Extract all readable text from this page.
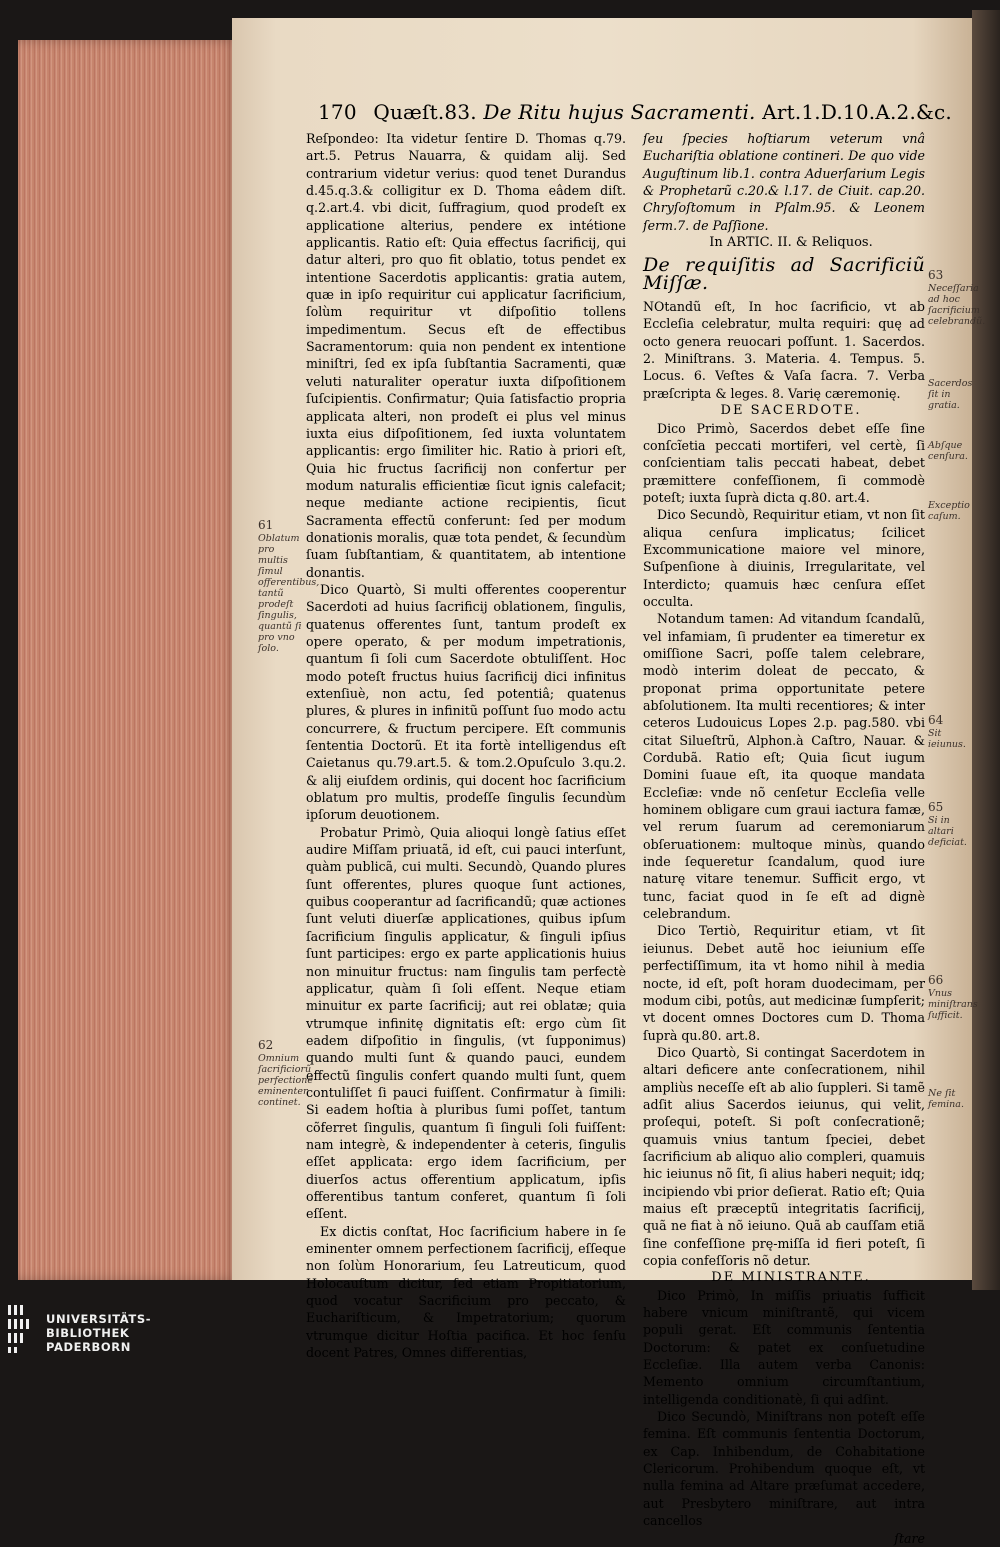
170 Quæſt.83. De Ritu hujus Sacramenti. Art.1.D.10.A.2.&c.

Reſpondeo: Ita videtur ſentire D. Thomas q.79. art.5. Petrus Nauarra, & quidam alij. Sed contrarium videtur verius: quod tenet Durandus d.45.q.3.& colligitur ex D. Thoma eâdem diſt. q.2.art.4. vbi dicit, ſuffragium, quod prodeſt ex applicatione alterius, pendere ex intétione applicantis. Ratio eſt: Quia effectus ſacrificij, qui datur alteri, pro quo fit oblatio, totus pendet ex intentione Sacerdotis applicantis: gratia autem, quæ in ipſo requiritur cui applicatur ſacrificium, ſolùm requiritur vt diſpoſitio tollens impedimentum. Secus eſt de effectibus Sacramentorum: quia non pendent ex intentione miniſtri, ſed ex ipſa ſubſtantia Sacramenti, quæ veluti naturaliter operatur iuxta diſpoſitionem ſuſcipientis. Confirmatur; Quia ſatisfactio propria applicata alteri, non prodeſt ei plus vel minus iuxta eius diſpoſitionem, ſed iuxta voluntatem applicantis: ergo ſimiliter hic. Ratio à priori eſt, Quia hic fructus ſacrificij non confertur per modum naturalis efficientiæ ſicut ignis calefacit; neque mediante actione recipientis, ſicut Sacramenta effectũ conferunt: ſed per modum donationis moralis, quæ tota pendet, & ſecundùm ſuam ſubſtantiam, & quantitatem, ab intentione donantis.

Dico Quartò, Si multi offerentes cooperentur Sacerdoti ad huius ſacrificij oblationem, ſingulis, quatenus offerentes ſunt, tantum prodeſt ex opere operato, & per modum impetrationis, quantum ſi ſoli cum Sacerdote obtuliſſent. Hoc modo poteſt fructus huius ſacrificij dici infinitus extenſiuè, non actu, ſed potentiâ; quatenus plures, & plures in infinitũ poſſunt ſuo modo actu concurrere, & fructum percipere. Eſt communis ſententia Doctorũ. Et ita fortè intelligendus eſt Caietanus qu.79.art.5. & tom.2.Opuſculo 3.qu.2. & alij eiuſdem ordinis, qui docent hoc ſacrificium oblatum pro multis, prodeſſe ſingulis ſecundùm ipſorum deuotionem.

Probatur Primò, Quia alioqui longè ſatius eſſet audire Miſſam priuatã, id eſt, cui pauci interſunt, quàm publicã, cui multi. Secundò, Quando plures ſunt offerentes, plures quoque ſunt actiones, quibus cooperantur ad ſacrificandũ; quæ actiones ſunt veluti diuerſæ applicationes, quibus ipſum ſacrificium ſingulis applicatur, & ſinguli ipſius ſunt participes: ergo ex parte applicationis huius non minuitur fructus: nam ſingulis tam perfectè applicatur, quàm ſi ſoli eſſent. Neque etiam minuitur ex parte ſacrificij; aut rei oblatæ; quia vtrumque infinitę dignitatis eſt: ergo cùm ſit eadem diſpoſitio in ſingulis, (vt ſupponimus) quando multi ſunt & quando pauci, eundem effectũ ſingulis confert quando multi ſunt, quem contuliſſet ſi pauci fuiſſent. Confirmatur à ſimili: Si eadem hoſtia à pluribus ſumi poſſet, tantum cõferret ſingulis, quantum ſi ſinguli ſoli fuiſſent: nam integrè, & independenter à ceteris, ſingulis eſſet applicata: ergo idem ſacrificium, per diuerſos actus offerentium applicatum, ipſis offerentibus tantum conferet, quantum ſi ſoli eſſent.

Ex dictis conſtat, Hoc ſacrificium habere in ſe eminenter omnem perfectionem ſacrificij, eſſeque non ſolùm Honorarium, ſeu Latreuticum, quod Holocauſtum dicitur, ſed etiam Propitiatorium, quod vocatur Sacrificium pro peccato, & Euchariſticum, & Impetratorium; quorum vtrumque dicitur Hoſtia pacifica. Et hoc ſenſu docent Patres, Omnes differentias,

61
Oblatum pro multis ſimul offerentibus, tantũ prodeſt ſingulis, quantũ ſi pro vno ſolo.
62
Omnium ſacrificiorũ perfectionẽ eminenter continet.

ſeu ſpecies hoſtiarum veterum vnâ Euchariſtia oblatione contineri. De quo vide Auguſtinum lib.1. contra Aduerſarium Legis & Prophetarũ c.20.& l.17. de Ciuit. cap.20. Chryſoſtomum in Pſalm.95. & Leonem ſerm.7. de Paſſione.

In ARTIC. II. & Reliquos.

De requiſitis ad Sacrificiũ Miſſæ.

NOtandũ eſt, In hoc ſacrificio, vt ab Eccleſia celebratur, multa requiri: quę ad octo genera reuocari poſſunt. 1. Sacerdos. 2. Miniſtrans. 3. Materia. 4. Tempus. 5. Locus. 6. Veſtes & Vaſa ſacra. 7. Verba præſcripta & leges. 8. Varię cæremonię.

DE SACERDOTE.

Dico Primò, Sacerdos debet eſſe ſine conſcĩetia peccati mortiferi, vel certè, ſi conſcientiam talis peccati habeat, debet præmittere confeſſionem, ſi commodè poteſt; iuxta ſuprà dicta q.80. art.4.

Dico Secundò, Requiritur etiam, vt non ſit aliqua cenſura implicatus; ſcilicet Excommunicatione maiore vel minore, Suſpenſione à diuinis, Irregularitate, vel Interdicto; quamuis hæc cenſura eſſet occulta.

Notandum tamen: Ad vitandum ſcandalũ, vel infamiam, ſi prudenter ea timeretur ex omiſſione Sacri, poſſe talem celebrare, modò interim doleat de peccato, & proponat prima opportunitate petere abſolutionem. Ita multi recentiores; & inter ceteros Ludouicus Lopes 2.p. pag.580. vbi citat Silueſtrũ, Alphon.à Caſtro, Nauar. & Cordubã. Ratio eſt; Quia ſicut iugum Domini ſuaue eſt, ita quoque mandata Eccleſiæ: vnde nõ cenſetur Eccleſia velle hominem obligare cum graui iactura famæ, vel rerum ſuarum ad ceremoniarum obſeruationem: multoque minùs, quando inde ſequeretur ſcandalum, quod iure naturę vitare tenemur. Sufficit ergo, vt tunc, faciat quod in ſe eſt ad dignè celebrandum.

Dico Tertiò, Requiritur etiam, vt ſit ieiunus. Debet autẽ hoc ieiunium eſſe perfectiſſimum, ita vt homo nihil à media nocte, id eſt, poſt horam duodecimam, per modum cibi, potûs, aut medicinæ ſumpſerit; vt docent omnes Doctores cum D. Thoma ſuprà qu.80. art.8.

Dico Quartò, Si contingat Sacerdotem in altari deficere ante conſecrationem, nihil ampliùs neceſſe eſt ab alio ſuppleri. Si tamẽ adſit alius Sacerdos ieiunus, qui velit, proſequi, poteſt. Si poſt conſecrationẽ; quamuis vnius tantum ſpeciei, debet ſacrificium ab aliquo alio compleri, quamuis hic ieiunus nõ ſit, ſi alius haberi nequit; idq; incipiendo vbi prior deſierat. Ratio eſt; Quia maius eſt præceptũ integritatis ſacrificij, quã ne fiat à nõ ieiuno. Quã ab cauſſam etiã ſine confeſſione prę-miſſa id fieri poteſt, ſi copia confeſſoris nõ detur.

DE MINISTRANTE.

Dico Primò, In miſſis priuatis ſufficit habere vnicum miniſtrantẽ, qui vicem populi gerat. Eſt communis ſententia Doctorum: & patet ex conſuetudine Eccleſiæ. Illa autem verba Canonis: Memento omnium circumſtantium, intelligenda conditionatè, ſi qui adſint.

Dico Secundò, Miniſtrans non poteſt eſſe femina. Eſt communis ſententia Doctorum, ex Cap. Inhibendum, de Cohabitatione Clericorum. Prohibendum quoque eſt, vt nulla femina ad Altare præſumat accedere, aut Presbytero miniſtrare, aut intra cancellos

ſtare

63
Neceſſaria ad hoc ſacrificium celebrandũ.
Sacerdos ſit in gratia.
Abſque cenſura.
Exceptio caſum.
64
Sit ieiunus.
65
Si in altari deficiat.
66
Vnus miniſtrans ſufficit.
Ne ſit femina.
UNIVERSITÄTS-
BIBLIOTHEK
PADERBORN
